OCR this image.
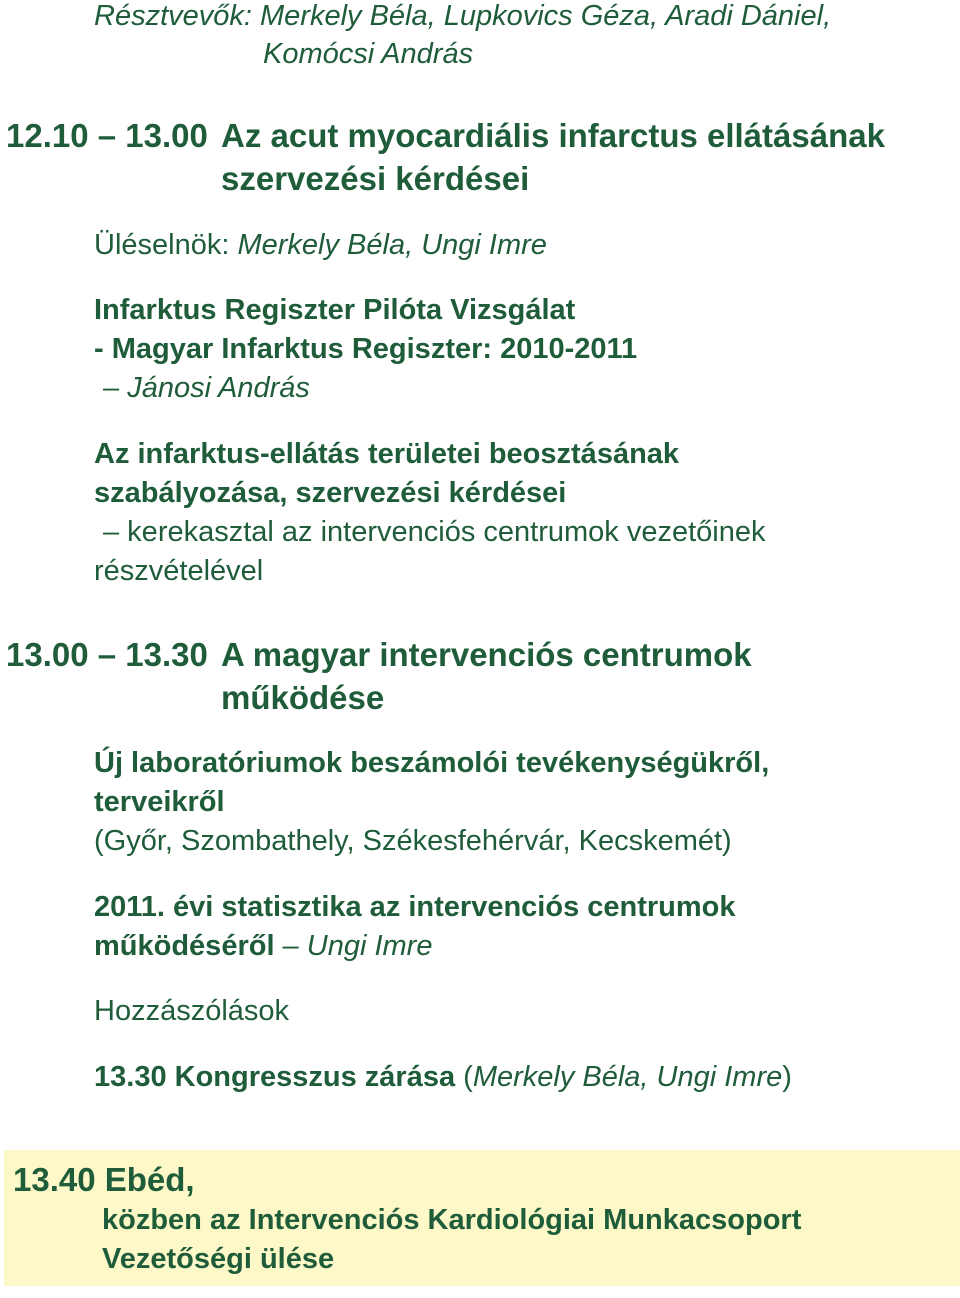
Résztvevők: Merkely Béla, Lupkovics Géza, Aradi Dániel,
Komócsi András
12.10 – 13.00 Az acut myocardiális infarctus ellátásának
szervezési kérdései
Üléselnök: Merkely Béla, Ungi Imre
Infarktus Regiszter Pilóta Vizsgálat
- Magyar Infarktus Regiszter: 2010-2011
– Jánosi András
Az infarktus-ellátás területei beosztásának
szabályozása, szervezési kérdései
– kerekasztal az intervenciós centrumok vezetőinek
részvételével
13.00 – 13.30 A magyar intervenciós centrumok
működése
Új laboratóriumok beszámolói tevékenységükről,
terveikről
(Győr, Szombathely, Székesfehérvár, Kecskemét)
2011. évi statisztika az intervenciós centrumok
működéséről – Ungi Imre
Hozzászólások
13.30 Kongresszus zárása (Merkely Béla, Ungi Imre)
13.40 Ebéd,
közben az Intervenciós Kardiológiai Munkacsoport
Vezetőségi ülése
